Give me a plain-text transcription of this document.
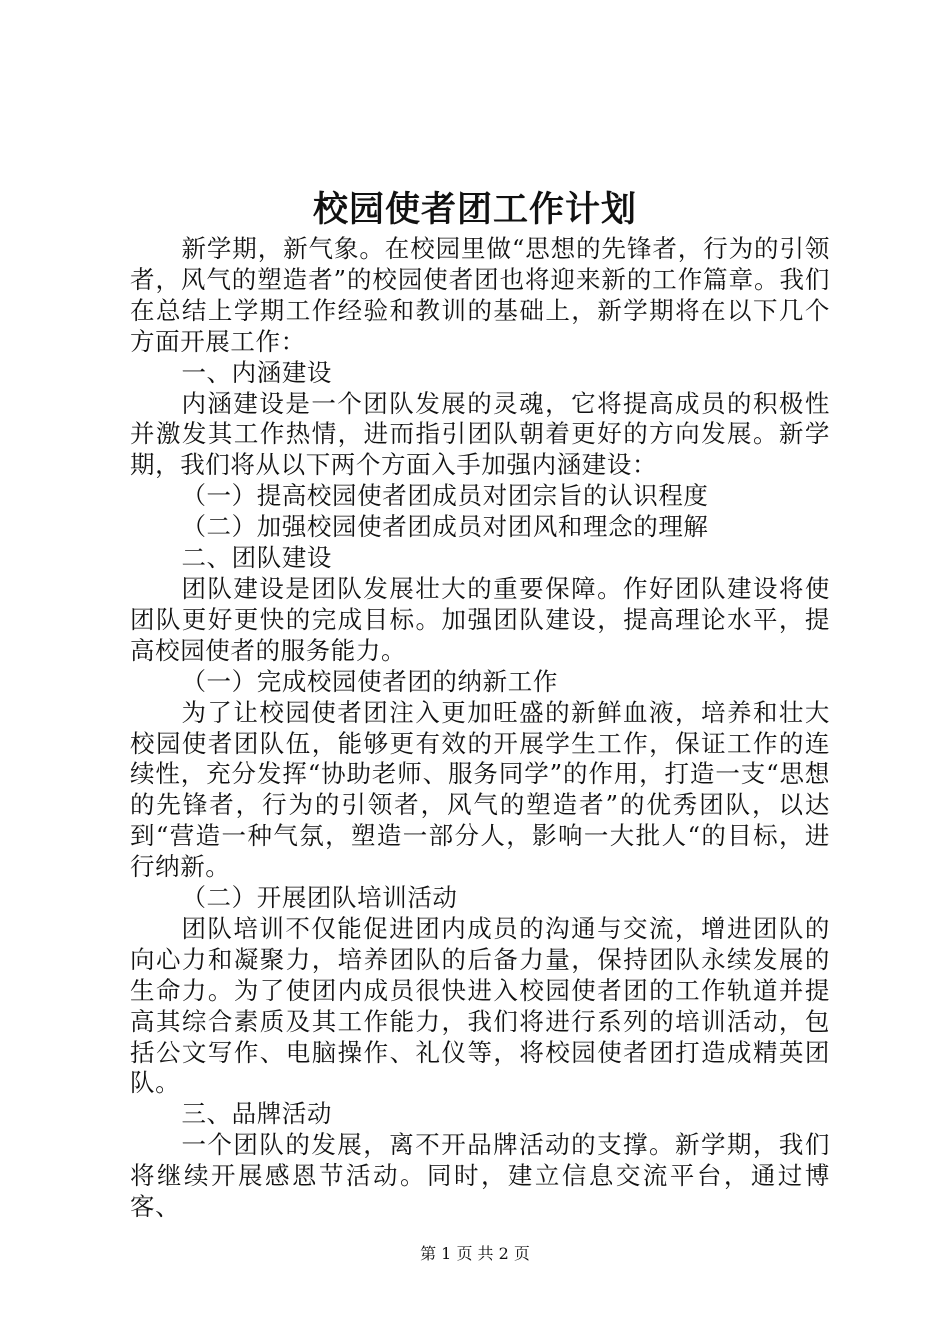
校园使者团工作计划

新学期，新气象。在校园里做“思想的先锋者，行为的引领者，风气的塑造者”的校园使者团也将迎来新的工作篇章。我们在总结上学期工作经验和教训的基础上，新学期将在以下几个方面开展工作：

一、内涵建设

内涵建设是一个团队发展的灵魂，它将提高成员的积极性并激发其工作热情，进而指引团队朝着更好的方向发展。新学期，我们将从以下两个方面入手加强内涵建设：

（一）提高校园使者团成员对团宗旨的认识程度

（二）加强校园使者团成员对团风和理念的理解

二、团队建设

团队建设是团队发展壮大的重要保障。作好团队建设将使团队更好更快的完成目标。加强团队建设，提高理论水平，提高校园使者的服务能力。

（一）完成校园使者团的纳新工作

为了让校园使者团注入更加旺盛的新鲜血液，培养和壮大校园使者团队伍，能够更有效的开展学生工作，保证工作的连续性，充分发挥“协助老师、服务同学”的作用，打造一支“思想的先锋者，行为的引领者，风气的塑造者”的优秀团队，以达到“营造一种气氛，塑造一部分人，影响一大批人“的目标，进行纳新。

（二）开展团队培训活动

团队培训不仅能促进团内成员的沟通与交流，增进团队的向心力和凝聚力，培养团队的后备力量，保持团队永续发展的生命力。为了使团内成员很快进入校园使者团的工作轨道并提高其综合素质及其工作能力，我们将进行系列的培训活动，包括公文写作、电脑操作、礼仪等，将校园使者团打造成精英团队。

三、品牌活动

一个团队的发展，离不开品牌活动的支撑。新学期，我们将继续开展感恩节活动。同时，建立信息交流平台，通过博客、

第 1 页 共 2 页
